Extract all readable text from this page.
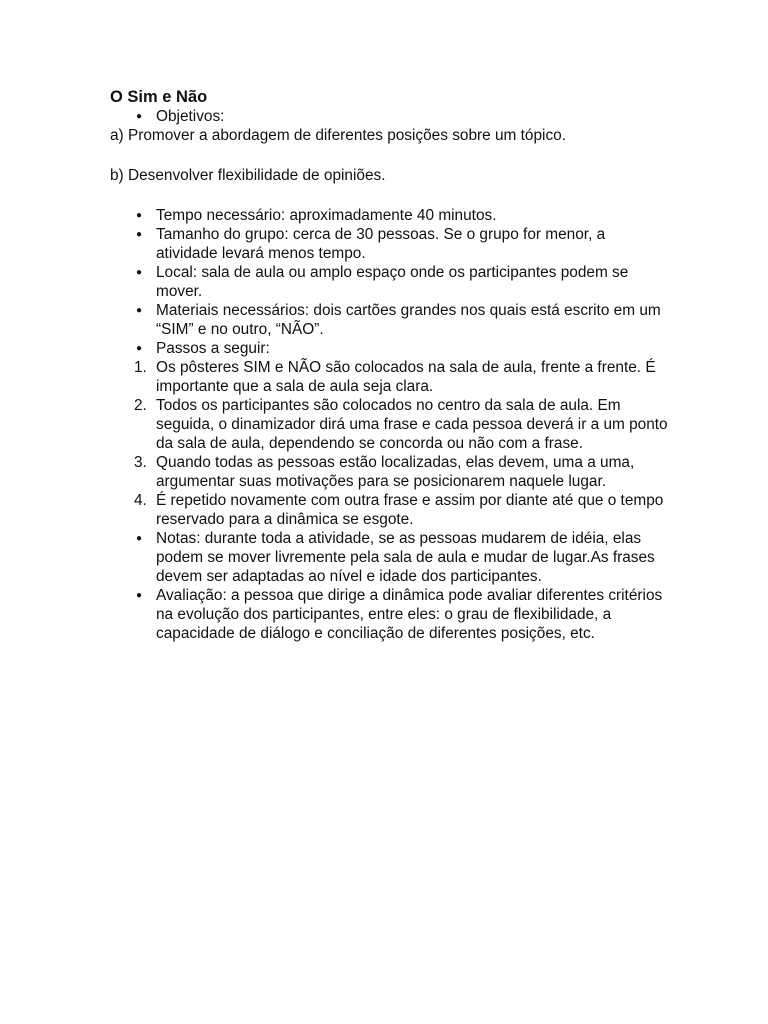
O Sim e Não
● Objetivos:
a) Promover a abordagem de diferentes posições sobre um tópico.
b) Desenvolver flexibilidade de opiniões.
● Tempo necessário: aproximadamente 40 minutos.
● Tamanho do grupo: cerca de 30 pessoas. Se o grupo for menor, a atividade levará menos tempo.
● Local: sala de aula ou amplo espaço onde os participantes podem se mover.
● Materiais necessários: dois cartões grandes nos quais está escrito em um “SIM” e no outro, “NÃO”.
● Passos a seguir:
1. Os pôsteres SIM e NÃO são colocados na sala de aula, frente a frente. É importante que a sala de aula seja clara.
2. Todos os participantes são colocados no centro da sala de aula. Em seguida, o dinamizador dirá uma frase e cada pessoa deverá ir a um ponto da sala de aula, dependendo se concorda ou não com a frase.
3. Quando todas as pessoas estão localizadas, elas devem, uma a uma, argumentar suas motivações para se posicionarem naquele lugar.
4. É repetido novamente com outra frase e assim por diante até que o tempo reservado para a dinâmica se esgote.
● Notas: durante toda a atividade, se as pessoas mudarem de idéia, elas podem se mover livremente pela sala de aula e mudar de lugar.As frases devem ser adaptadas ao nível e idade dos participantes.
● Avaliação: a pessoa que dirige a dinâmica pode avaliar diferentes critérios na evolução dos participantes, entre eles: o grau de flexibilidade, a capacidade de diálogo e conciliação de diferentes posições, etc.
